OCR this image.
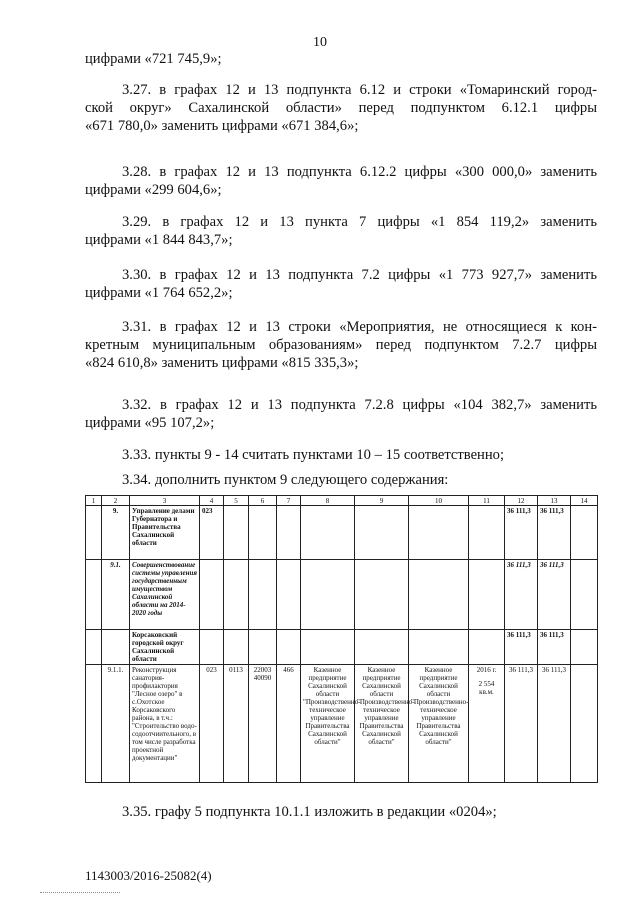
10

цифрами «721 745,9»;

3.27. в графах 12 и 13 подпункта 6.12 и строки «Томаринский город-
ской округ» Сахалинской области» перед подпунктом 6.12.1 цифры
«671 780,0» заменить цифрами «671 384,6»;

3.28. в графах 12 и 13 подпункта 6.12.2 цифры «300 000,0» заменить
цифрами «299 604,6»;

3.29. в графах 12 и 13 пункта 7 цифры «1 854 119,2» заменить
цифрами «1 844 843,7»;

3.30. в графах 12 и 13 подпункта 7.2 цифры «1 773 927,7» заменить
цифрами «1 764 652,2»;

3.31. в графах 12 и 13 строки «Мероприятия, не относящиеся к кон-
кретным муниципальным образованиям» перед подпунктом 7.2.7 цифры
«824 610,8» заменить цифрами «815 335,3»;

3.32. в графах 12 и 13 подпункта 7.2.8 цифры «104 382,7» заменить
цифрами «95 107,2»;

3.33. пункты 9 - 14 считать пунктами 10 – 15 соответственно;

3.34. дополнить пунктом 9 следующего содержания:

1	2	3	4	5	6	7	8	9	10	11	12	13	14
	9.	Управление делами Губернатора и Правительства Сахалинской области	023								36 111,3	36 111,3	
	9.1.	Совершенствование системы управления государственным имуществом Сахалинской области на 2014-2020 годы									36 111,3	36 111,3	
		Корсаковский городской округ Сахалинской области									36 111,3	36 111,3	
	9.1.1.	Реконструкция санатория-профилактория "Лесное озеро" в с.Охотское Корсаковского района, в т.ч.: "Строительство водо-содоотчиительного, в том числе разработка проектной документации"	023	0113	22003 40090	466	Казенное предприятие Сахалинской области "Производственно-техническое управление Правительства Сахалинской области"	Казенное предприятие Сахалинской области "Производственно-техническое управление Правительства Сахалинской области"	Казенное предприятие Сахалинской области "Производственно-техническое управление Правительства Сахалинской области"	2016 г.
2 554
кв.м.	36 111,3	36 111,3	

3.35. графу 5 подпункта 10.1.1 изложить в редакции «0204»;

1143003/2016-25082(4)
